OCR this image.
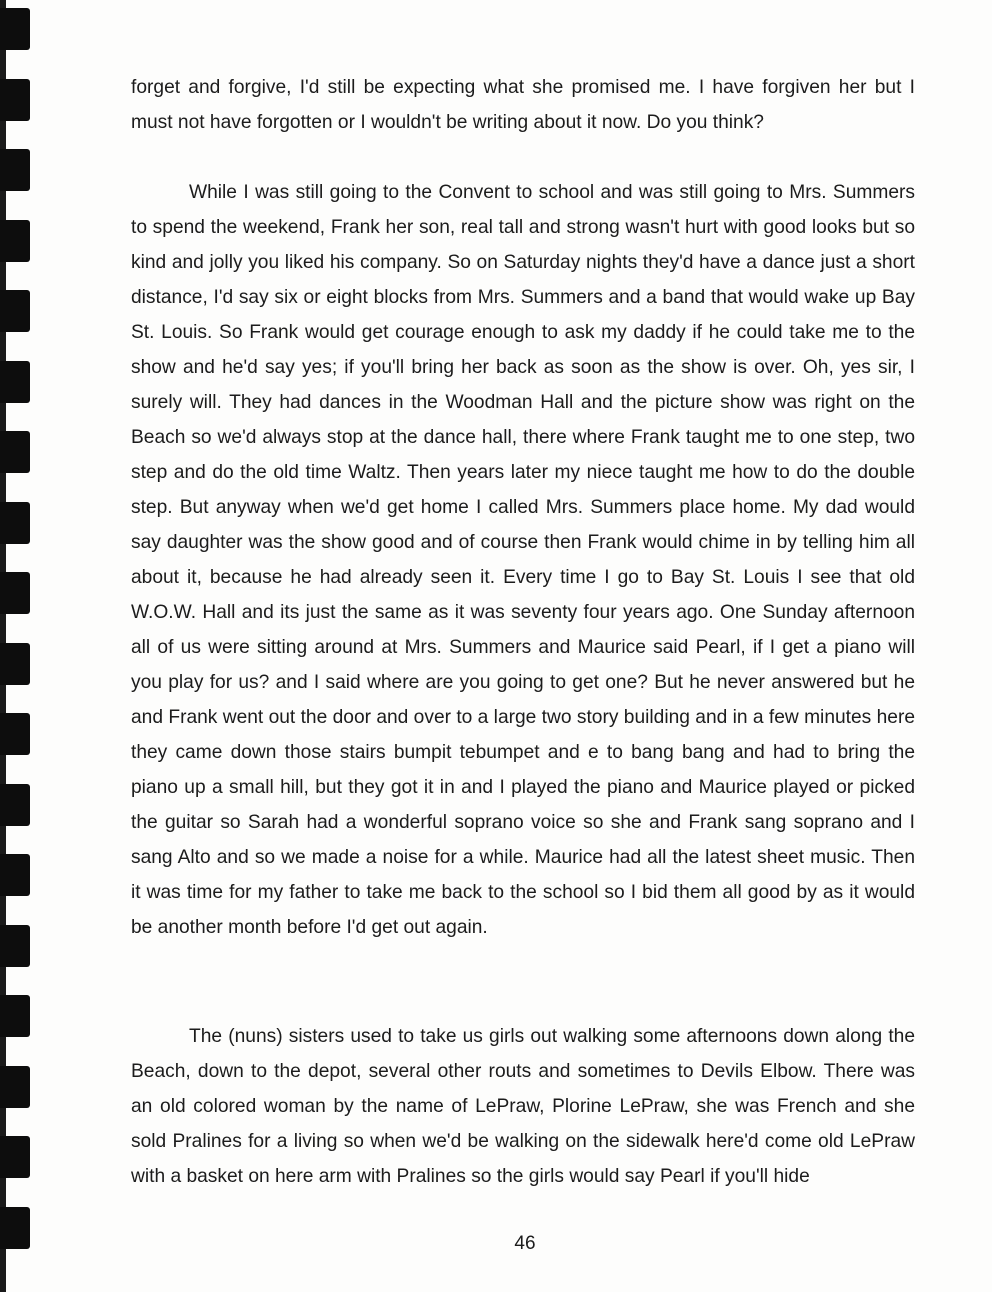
forget and forgive, I'd still be expecting what she promised me. I have forgiven her but I must not have forgotten or I wouldn't be writing about it now. Do you think?

While I was still going to the Convent to school and was still going to Mrs. Summers to spend the weekend, Frank her son, real tall and strong wasn't hurt with good looks but so kind and jolly you liked his company. So on Saturday nights they'd have a dance just a short distance, I'd say six or eight blocks from Mrs. Summers and a band that would wake up Bay St. Louis. So Frank would get courage enough to ask my daddy if he could take me to the show and he'd say yes; if you'll bring her back as soon as the show is over. Oh, yes sir, I surely will. They had dances in the Woodman Hall and the picture show was right on the Beach so we'd always stop at the dance hall, there where Frank taught me to one step, two step and do the old time Waltz. Then years later my niece taught me how to do the double step. But anyway when we'd get home I called Mrs. Summers place home. My dad would say daughter was the show good and of course then Frank would chime in by telling him all about it, because he had already seen it. Every time I go to Bay St. Louis I see that old W.O.W. Hall and its just the same as it was seventy four years ago. One Sunday afternoon all of us were sitting around at Mrs. Summers and Maurice said Pearl, if I get a piano will you play for us? and I said where are you going to get one? But he never answered but he and Frank went out the door and over to a large two story building and in a few minutes here they came down those stairs bumpit tebumpet and e to bang bang and had to bring the piano up a small hill, but they got it in and I played the piano and Maurice played or picked the guitar so Sarah had a wonderful soprano voice so she and Frank sang soprano and I sang Alto and so we made a noise for a while. Maurice had all the latest sheet music. Then it was time for my father to take me back to the school so I bid them all good by as it would be another month before I'd get out again.

The (nuns) sisters used to take us girls out walking some afternoons down along the Beach, down to the depot, several other routs and sometimes to Devils Elbow. There was an old colored woman by the name of LePraw, Plorine LePraw, she was French and she sold Pralines for a living so when we'd be walking on the sidewalk here'd come old LePraw with a basket on here arm with Pralines so the girls would say Pearl if you'll hide

46
